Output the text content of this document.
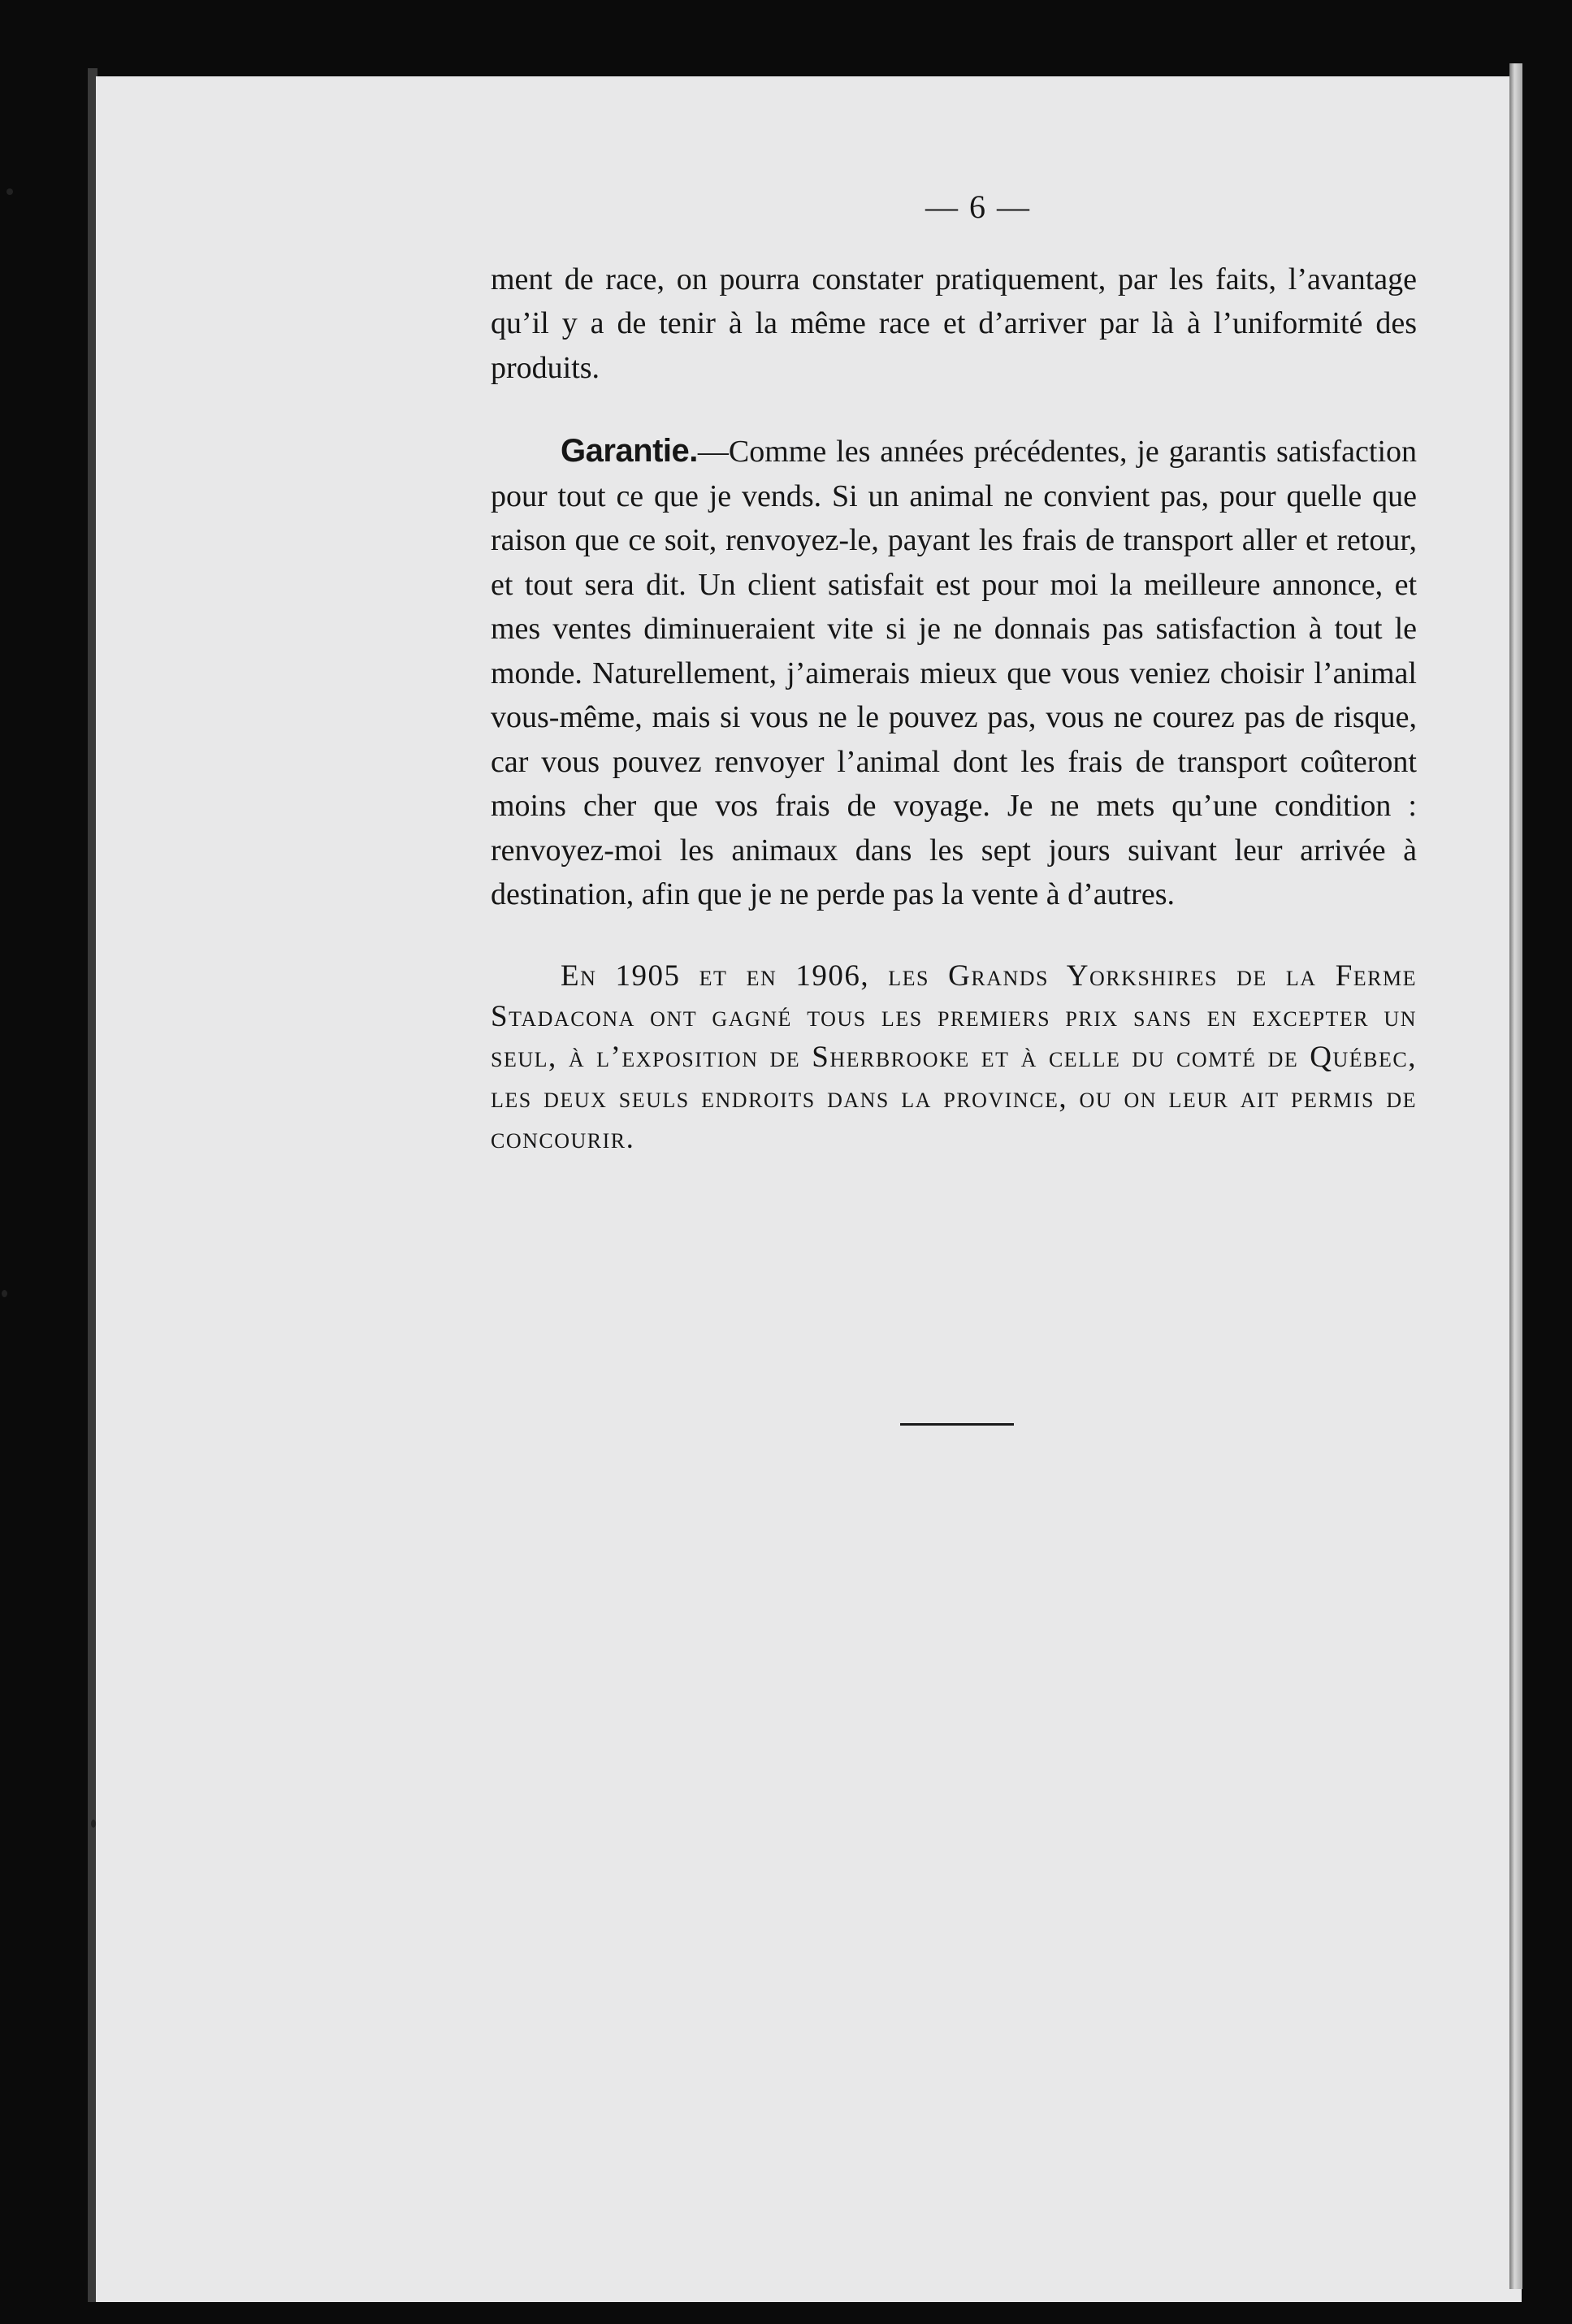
— 6 —

ment de race, on pourra constater pratiquement, par les faits, l’avantage qu’il y a de tenir à la même race et d’arriver par là à l’uniformité des produits.

Garantie.—Comme les années précédentes, je garantis satisfaction pour tout ce que je vends. Si un animal ne convient pas, pour quelle que raison que ce soit, renvoyez-le, payant les frais de transport aller et retour, et tout sera dit. Un client satisfait est pour moi la meilleure annonce, et mes ventes diminueraient vite si je ne donnais pas satisfaction à tout le monde. Naturellement, j’aimerais mieux que vous veniez choisir l’animal vous-même, mais si vous ne le pouvez pas, vous ne courez pas de risque, car vous pouvez renvoyer l’animal dont les frais de transport coûteront moins cher que vos frais de voyage. Je ne mets qu’une condition : renvoyez-moi les animaux dans les sept jours suivant leur arrivée à destination, afin que je ne perde pas la vente à d’autres.

En 1905 et en 1906, les Grands Yorkshires de la Ferme Stadacona ont gagné tous les premiers prix sans en excepter un seul, à l’exposition de Sherbrooke et à celle du comté de Québec, les deux seuls endroits dans la province, ou on leur ait permis de concourir.
